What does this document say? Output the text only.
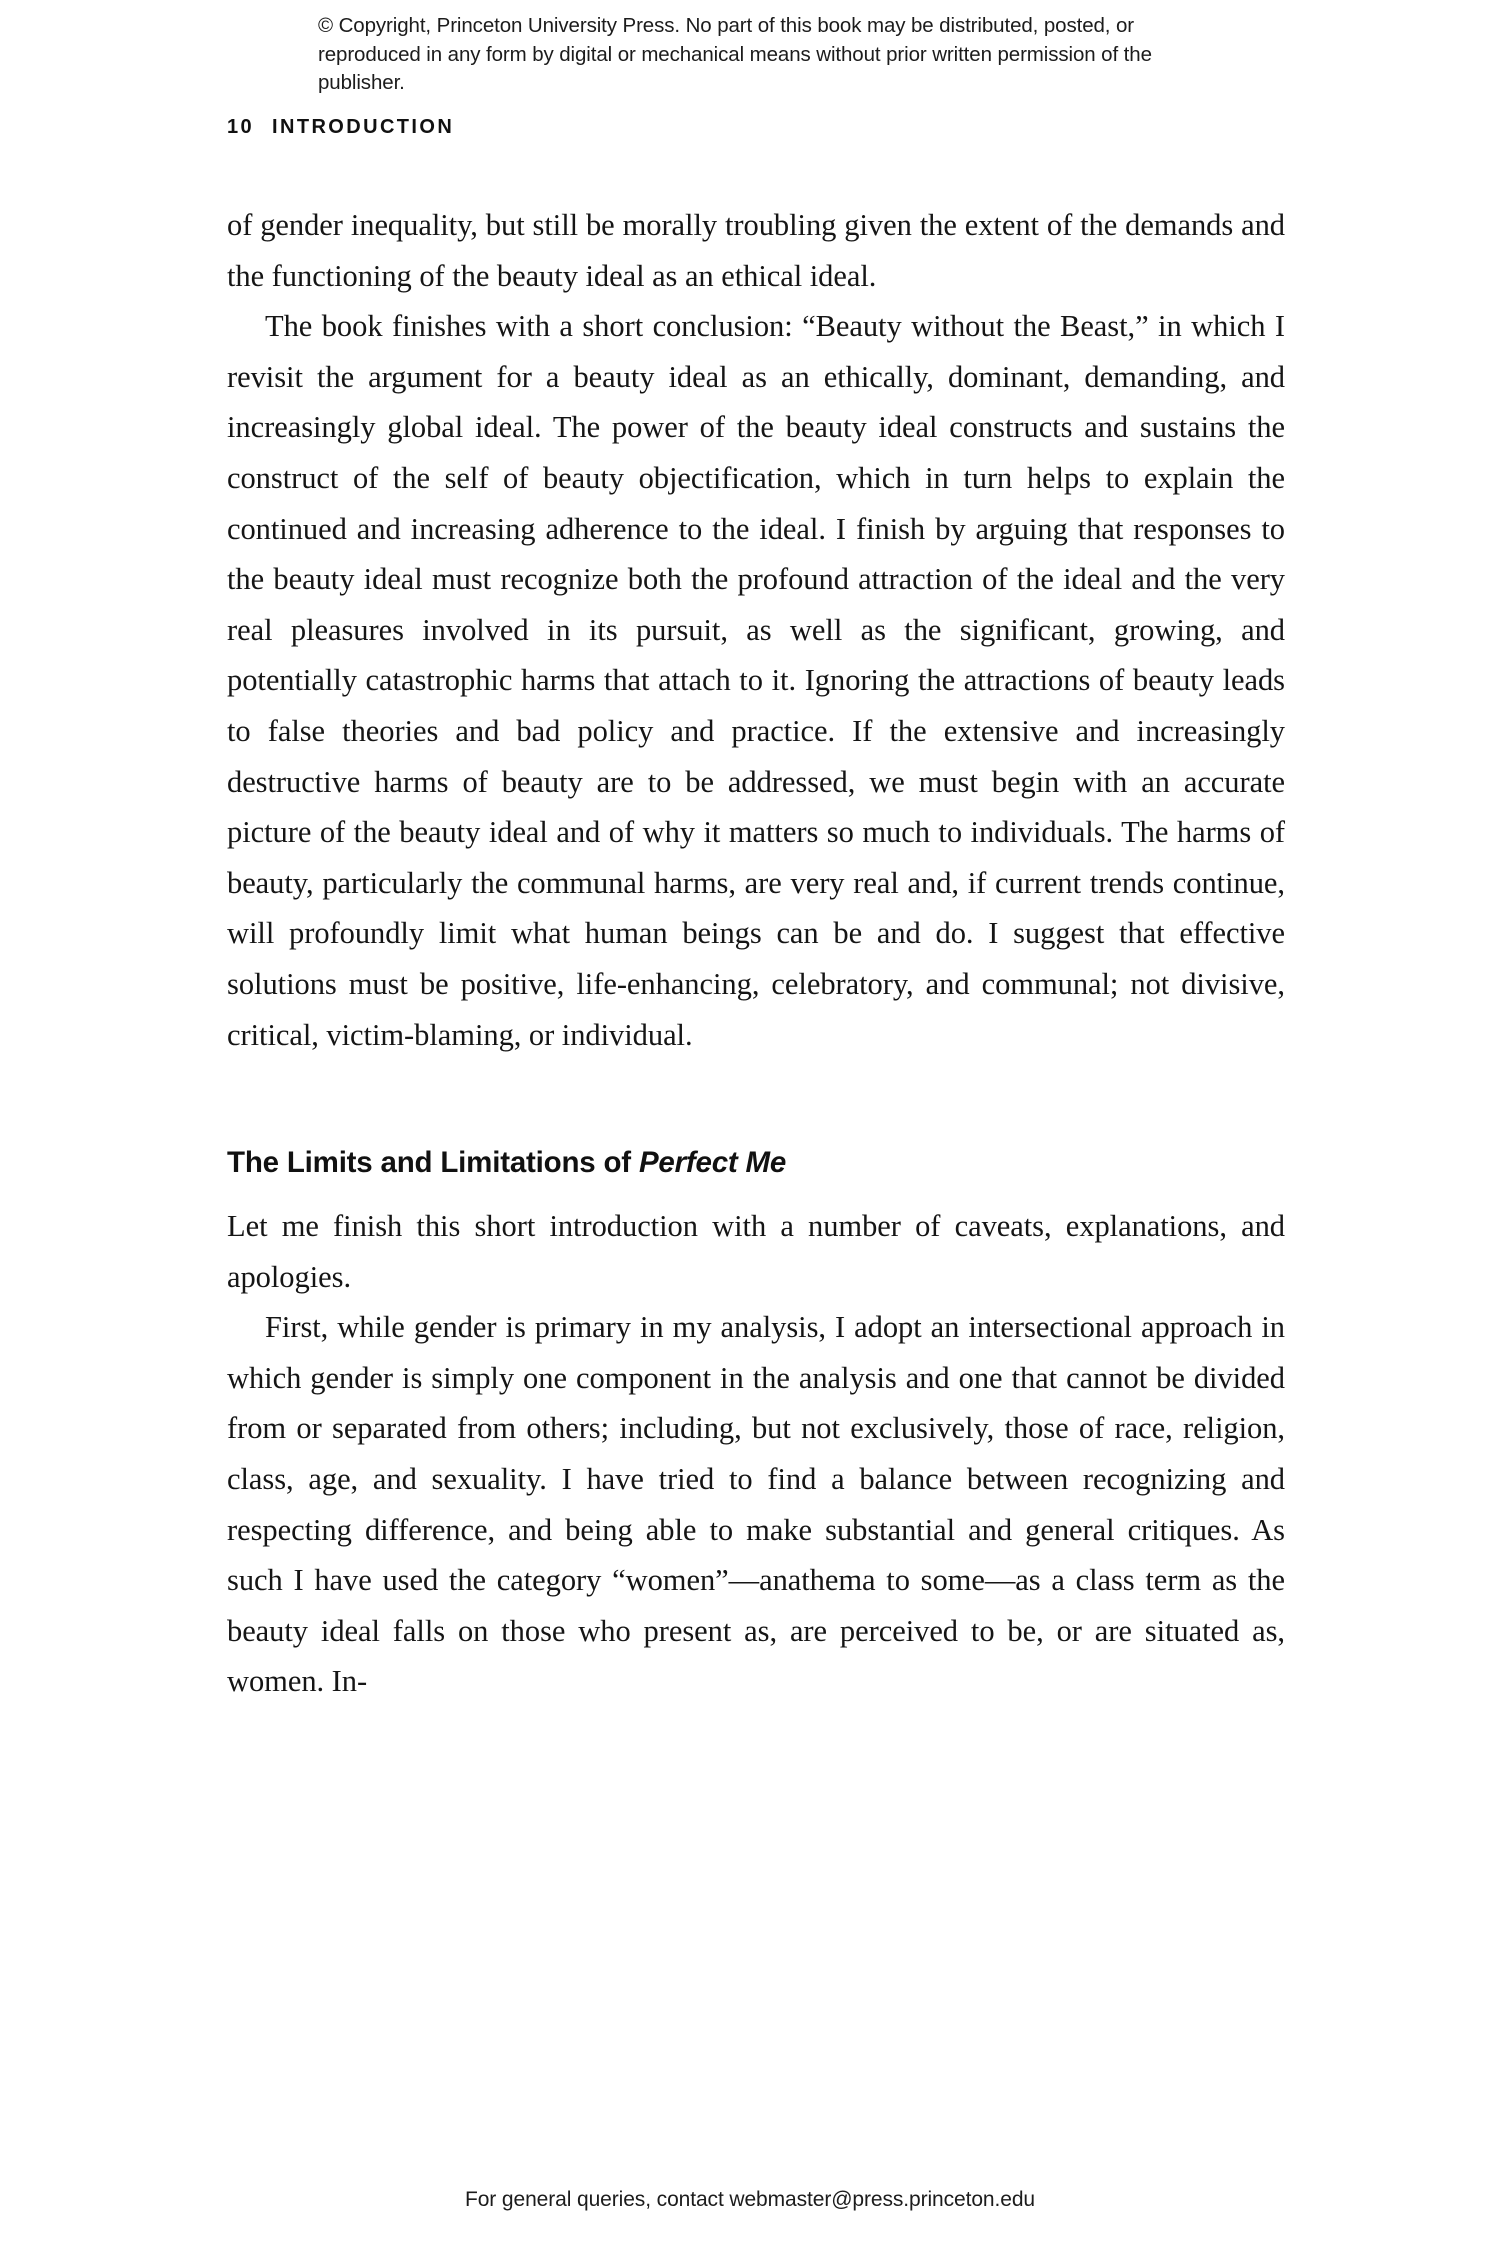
© Copyright, Princeton University Press. No part of this book may be distributed, posted, or reproduced in any form by digital or mechanical means without prior written permission of the publisher.
10 INTRODUCTION

of gender inequality, but still be morally troubling given the extent of the demands and the functioning of the beauty ideal as an ethical ideal.

The book finishes with a short conclusion: “Beauty without the Beast,” in which I revisit the argument for a beauty ideal as an ethically, dominant, demanding, and increasingly global ideal. The power of the beauty ideal constructs and sustains the construct of the self of beauty objectification, which in turn helps to explain the continued and increasing adherence to the ideal. I finish by arguing that responses to the beauty ideal must recognize both the profound attraction of the ideal and the very real pleasures involved in its pursuit, as well as the significant, growing, and potentially catastrophic harms that attach to it. Ignoring the attractions of beauty leads to false theories and bad policy and practice. If the extensive and increasingly destructive harms of beauty are to be addressed, we must begin with an accurate picture of the beauty ideal and of why it matters so much to individuals. The harms of beauty, particularly the communal harms, are very real and, if current trends continue, will profoundly limit what human beings can be and do. I suggest that effective solutions must be positive, life-enhancing, celebratory, and communal; not divisive, critical, victim-blaming, or individual.

The Limits and Limitations of Perfect Me

Let me finish this short introduction with a number of caveats, explanations, and apologies.

First, while gender is primary in my analysis, I adopt an intersectional approach in which gender is simply one component in the analysis and one that cannot be divided from or separated from others; including, but not exclusively, those of race, religion, class, age, and sexuality. I have tried to find a balance between recognizing and respecting difference, and being able to make substantial and general critiques. As such I have used the category “women”—anathema to some—as a class term as the beauty ideal falls on those who present as, are perceived to be, or are situated as, women. In-

For general queries, contact webmaster@press.princeton.edu
